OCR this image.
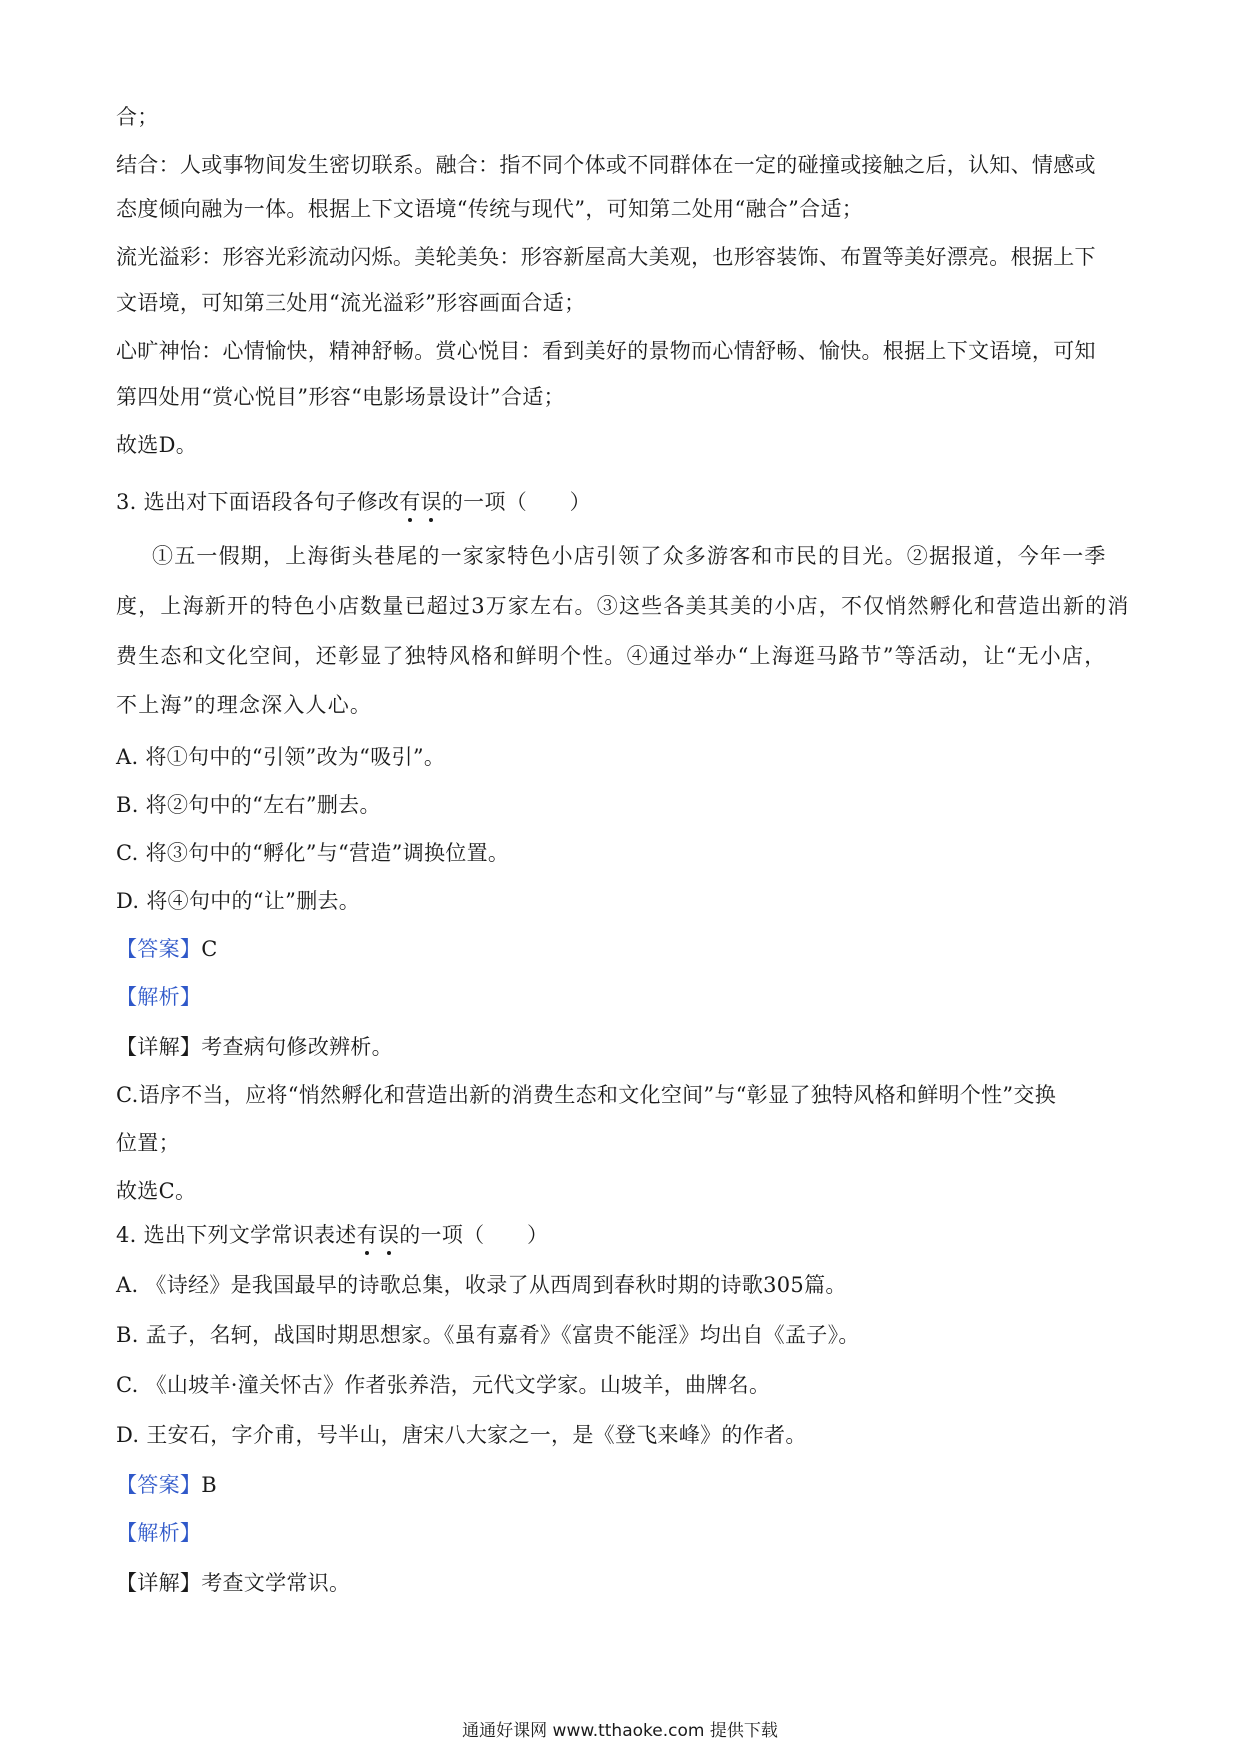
合；
结合：人或事物间发生密切联系。融合：指不同个体或不同群体在一定的碰撞或接触之后，认知、情感或
态度倾向融为一体。根据上下文语境“传统与现代”，可知第二处用“融合”合适；
流光溢彩：形容光彩流动闪烁。美轮美奂：形容新屋高大美观，也形容装饰、布置等美好漂亮。根据上下
文语境，可知第三处用“流光溢彩”形容画面合适；
心旷神怡：心情愉快，精神舒畅。赏心悦目：看到美好的景物而心情舒畅、愉快。根据上下文语境，可知
第四处用“赏心悦目”形容“电影场景设计”合适；
故选D。
3. 选出对下面语段各句子修改有误的一项（　　）
①五一假期，上海街头巷尾的一家家特色小店引领了众多游客和市民的目光。②据报道，今年一季
度，上海新开的特色小店数量已超过3万家左右。③这些各美其美的小店，不仅悄然孵化和营造出新的消
费生态和文化空间，还彰显了独特风格和鲜明个性。④通过举办“上海逛马路节”等活动，让“无小店，
不上海”的理念深入人心。
A. 将①句中的“引领”改为“吸引”。
B. 将②句中的“左右”删去。
C. 将③句中的“孵化”与“营造”调换位置。
D. 将④句中的“让”删去。
【答案】C
【解析】
【详解】考查病句修改辨析。
C.语序不当，应将“悄然孵化和营造出新的消费生态和文化空间”与“彰显了独特风格和鲜明个性”交换
位置；
故选C。
4. 选出下列文学常识表述有误的一项（　　）
A. 《诗经》是我国最早的诗歌总集，收录了从西周到春秋时期的诗歌305篇。
B. 孟子，名轲，战国时期思想家。《虽有嘉肴》《富贵不能淫》均出自《孟子》。
C. 《山坡羊·潼关怀古》作者张养浩，元代文学家。山坡羊，曲牌名。
D. 王安石，字介甫，号半山，唐宋八大家之一，是《登飞来峰》的作者。
【答案】B
【解析】
【详解】考查文学常识。
通通好课网 www.tthaoke.com 提供下载
